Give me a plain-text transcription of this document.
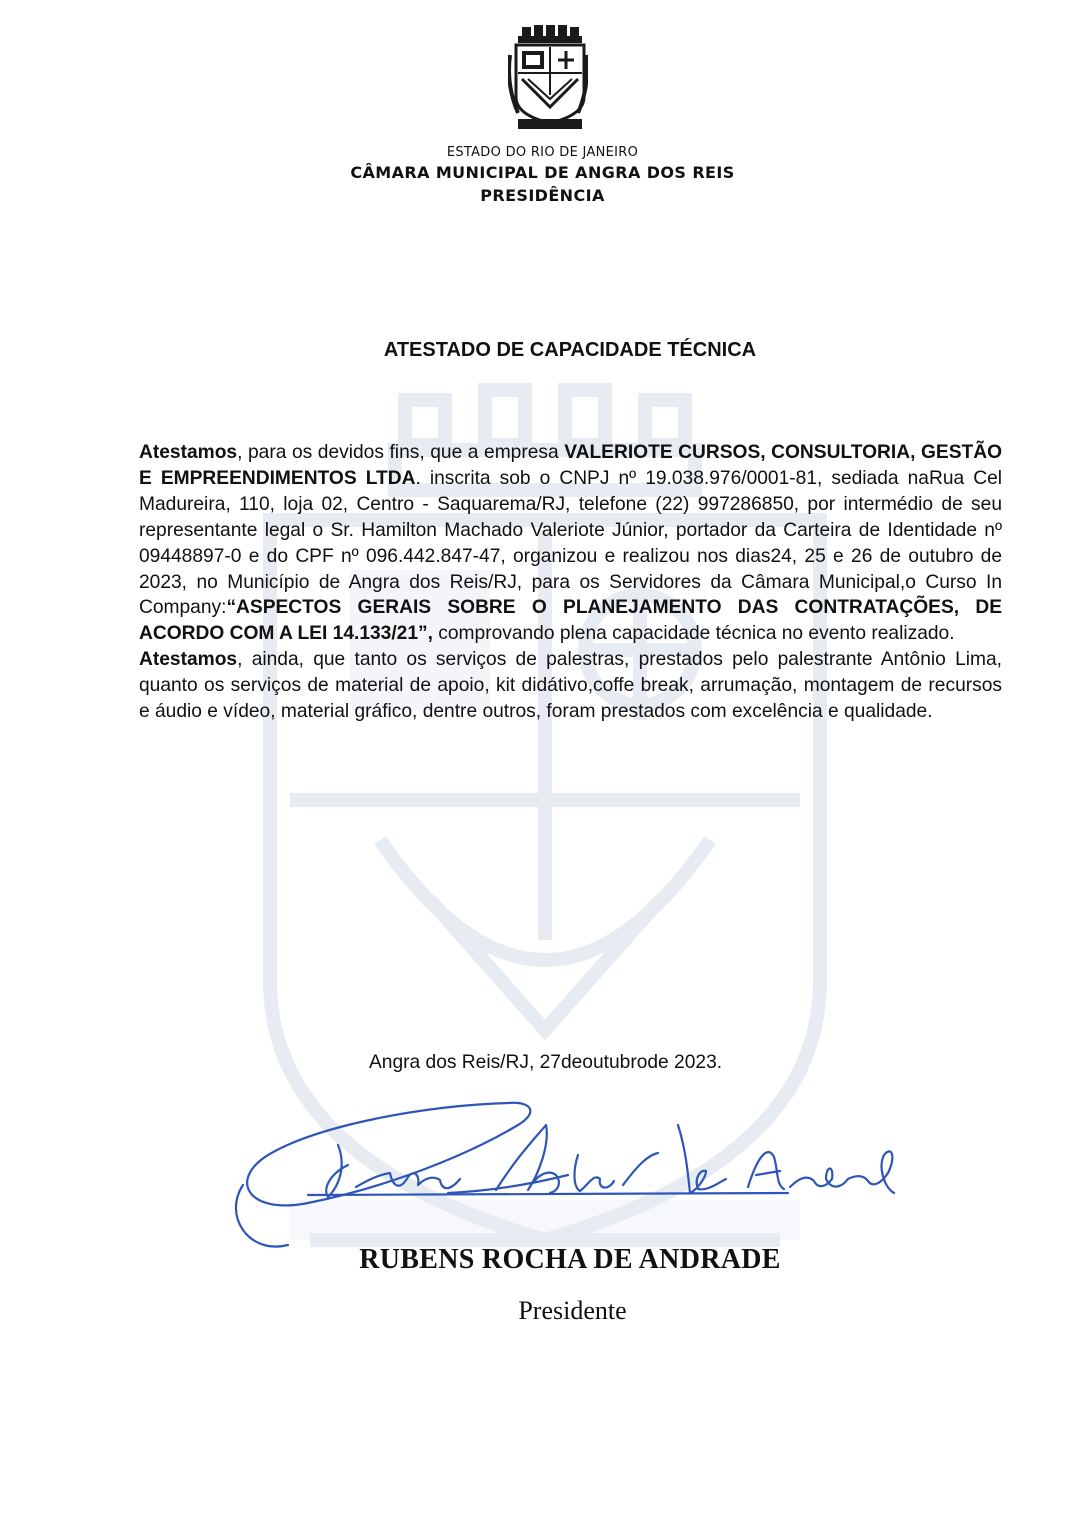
ESTADO DO RIO DE JANEIRO
CÂMARA MUNICIPAL DE ANGRA DOS REIS
PRESIDÊNCIA
ATESTADO DE CAPACIDADE TÉCNICA

Atestamos, para os devidos fins, que a empresa VALERIOTE CURSOS, CONSULTORIA, GESTÃO E EMPREENDIMENTOS LTDA. inscrita sob o CNPJ nº 19.038.976/0001-81, sediada naRua Cel Madureira, 110, loja 02, Centro - Saquarema/RJ, telefone (22) 997286850, por intermédio de seu representante legal o Sr. Hamilton Machado Valeriote Júnior, portador da Carteira de Identidade nº 09448897-0 e do CPF nº 096.442.847-47, organizou e realizou nos dias24, 25 e 26 de outubro de 2023, no Município de Angra dos Reis/RJ, para os Servidores da Câmara Municipal,o Curso In Company:“ASPECTOS GERAIS SOBRE O PLANEJAMENTO DAS CONTRATAÇÕES, DE ACORDO COM A LEI 14.133/21”, comprovando plena capacidade técnica no evento realizado.

Atestamos, ainda, que tanto os serviços de palestras, prestados pelo palestrante Antônio Lima, quanto os serviços de material de apoio, kit didátivo,coffe break, arrumação, montagem de recursos e áudio e vídeo, material gráfico, dentre outros, foram prestados com excelência e qualidade.

Angra dos Reis/RJ, 27deoutubrode 2023.
RUBENS ROCHA DE ANDRADE
Presidente
